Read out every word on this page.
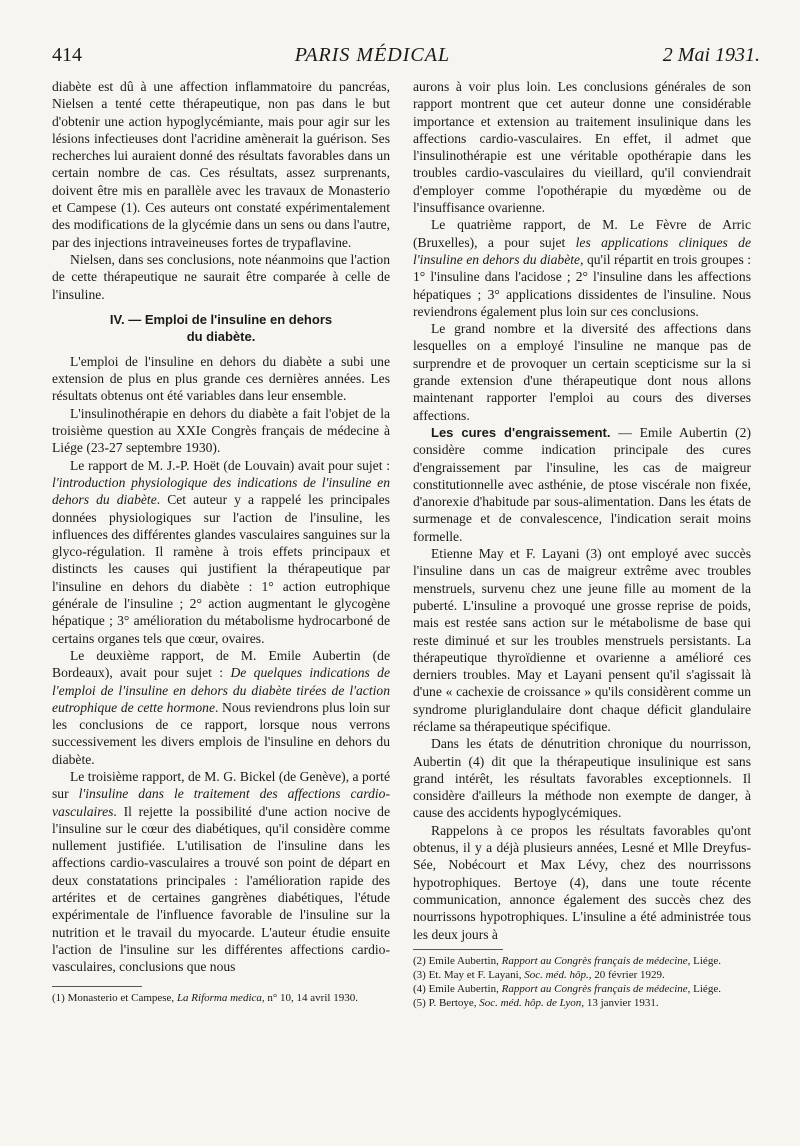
414	PARIS MÉDICAL	2 Mai 1931.

diabète est dû à une affection inflammatoire du pancréas, Nielsen a tenté cette thérapeutique, non pas dans le but d'obtenir une action hypoglycémiante, mais pour agir sur les lésions infectieuses dont l'acridine amènerait la guérison. Ses recherches lui auraient donné des résultats favorables dans un certain nombre de cas. Ces résultats, assez surprenants, doivent être mis en parallèle avec les travaux de Monasterio et Campese (1). Ces auteurs ont constaté expérimentalement des modifications de la glycémie dans un sens ou dans l'autre, par des injections intraveineuses fortes de trypaflavine.

Nielsen, dans ses conclusions, note néanmoins que l'action de cette thérapeutique ne saurait être comparée à celle de l'insuline.

IV. — Emploi de l'insuline en dehors
du diabète.

L'emploi de l'insuline en dehors du diabète a subi une extension de plus en plus grande ces dernières années. Les résultats obtenus ont été variables dans leur ensemble.

L'insulinothérapie en dehors du diabète a fait l'objet de la troisième question au XXIe Congrès français de médecine à Liége (23-27 septembre 1930).

Le rapport de M. J.-P. Hoët (de Louvain) avait pour sujet : l'introduction physiologique des indications de l'insuline en dehors du diabète. Cet auteur y a rappelé les principales données physiologiques sur l'action de l'insuline, les influences des différentes glandes vasculaires sanguines sur la glyco-régulation. Il ramène à trois effets principaux et distincts les causes qui justifient la thérapeutique par l'insuline en dehors du diabète : 1° action eutrophique générale de l'insuline ; 2° action augmentant le glycogène hépatique ; 3° amélioration du métabolisme hydrocarboné de certains organes tels que cœur, ovaires.

Le deuxième rapport, de M. Emile Aubertin (de Bordeaux), avait pour sujet : De quelques indications de l'emploi de l'insuline en dehors du diabète tirées de l'action eutrophique de cette hormone. Nous reviendrons plus loin sur les conclusions de ce rapport, lorsque nous verrons successivement les divers emplois de l'insuline en dehors du diabète.

Le troisième rapport, de M. G. Bickel (de Genève), a porté sur l'insuline dans le traitement des affections cardio-vasculaires. Il rejette la possibilité d'une action nocive de l'insuline sur le cœur des diabétiques, qu'il considère comme nullement justifiée. L'utilisation de l'insuline dans les affections cardio-vasculaires a trouvé son point de départ en deux constatations principales : l'amélioration rapide des artérites et de certaines gangrènes diabétiques, l'étude expérimentale de l'influence favorable de l'insuline sur la nutrition et le travail du myocarde. L'auteur étudie ensuite l'action de l'insuline sur les différentes affections cardio-vasculaires, conclusions que nous

(1) Monasterio et Campese, La Riforma medica, n° 10, 14 avril 1930.

aurons à voir plus loin. Les conclusions générales de son rapport montrent que cet auteur donne une considérable importance et extension au traitement insulinique dans les affections cardio-vasculaires. En effet, il admet que l'insulinothérapie est une véritable opothérapie dans les troubles cardio-vasculaires du vieillard, qu'il conviendrait d'employer comme l'opothérapie du myœdème ou de l'insuffisance ovarienne.

Le quatrième rapport, de M. Le Fèvre de Arric (Bruxelles), a pour sujet les applications cliniques de l'insuline en dehors du diabète, qu'il répartit en trois groupes : 1° l'insuline dans l'acidose ; 2° l'insuline dans les affections hépatiques ; 3° applications dissidentes de l'insuline. Nous reviendrons également plus loin sur ces conclusions.

Le grand nombre et la diversité des affections dans lesquelles on a employé l'insuline ne manque pas de surprendre et de provoquer un certain scepticisme sur la si grande extension d'une thérapeutique dont nous allons maintenant rapporter l'emploi au cours des diverses affections.

Les cures d'engraissement. — Emile Aubertin (2) considère comme indication principale des cures d'engraissement par l'insuline, les cas de maigreur constitutionnelle avec asthénie, de ptose viscérale non fixée, d'anorexie d'habitude par sous-alimentation. Dans les états de surmenage et de convalescence, l'indication serait moins formelle.

Etienne May et F. Layani (3) ont employé avec succès l'insuline dans un cas de maigreur extrême avec troubles menstruels, survenu chez une jeune fille au moment de la puberté. L'insuline a provoqué une grosse reprise de poids, mais est restée sans action sur le métabolisme de base qui reste diminué et sur les troubles menstruels persistants. La thérapeutique thyroïdienne et ovarienne a amélioré ces derniers troubles. May et Layani pensent qu'il s'agissait là d'une « cachexie de croissance » qu'ils considèrent comme un syndrome pluriglandulaire dont chaque déficit glandulaire réclame sa thérapeutique spécifique.

Dans les états de dénutrition chronique du nourrisson, Aubertin (4) dit que la thérapeutique insulinique est sans grand intérêt, les résultats favorables exceptionnels. Il considère d'ailleurs la méthode non exempte de danger, à cause des accidents hypoglycémiques.

Rappelons à ce propos les résultats favorables qu'ont obtenus, il y a déjà plusieurs années, Lesné et Mlle Dreyfus-Sée, Nobécourt et Max Lévy, chez des nourrissons hypotrophiques. Bertoye (4), dans une toute récente communication, annonce également des succès chez des nourrissons hypotrophiques. L'insuline a été administrée tous les deux jours à

(2) Emile Aubertin, Rapport au Congrès français de médecine, Liége.

(3) Et. May et F. Layani, Soc. méd. hôp., 20 février 1929.

(4) Emile Aubertin, Rapport au Congrès français de médecine, Liége.

(5) P. Bertoye, Soc. méd. hôp. de Lyon, 13 janvier 1931.
